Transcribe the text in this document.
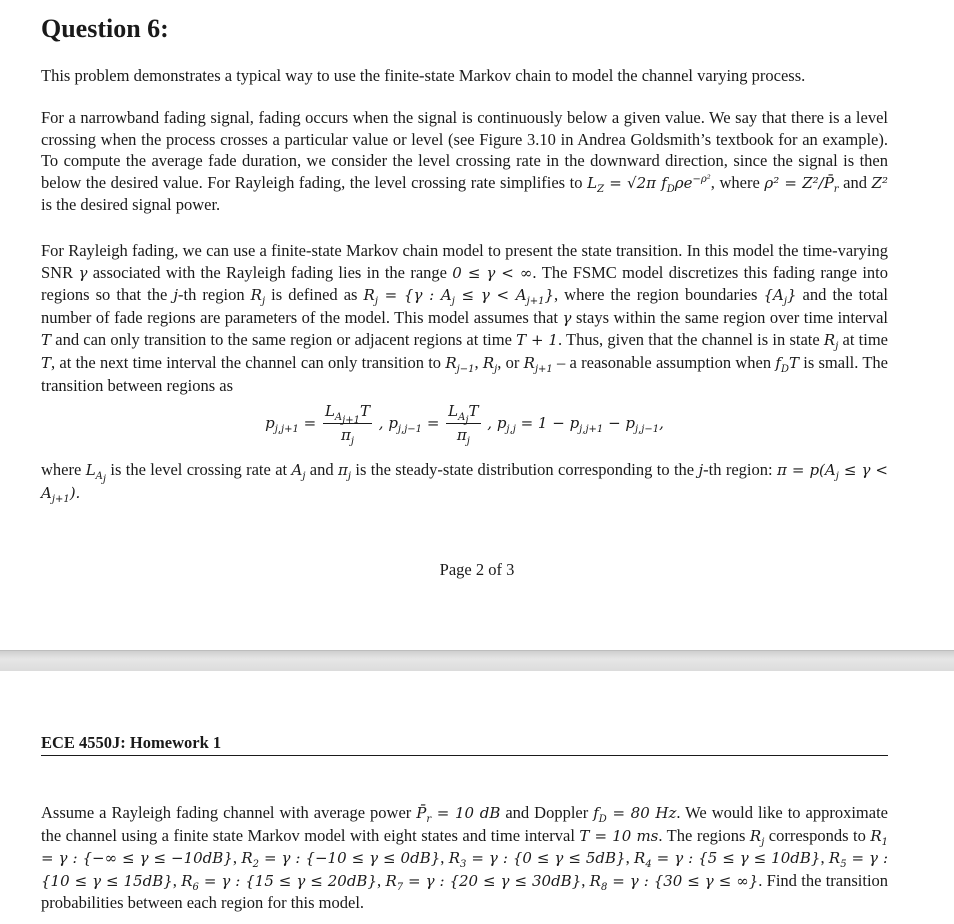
Question 6:

This problem demonstrates a typical way to use the finite-state Markov chain to model the channel varying process.

For a narrowband fading signal, fading occurs when the signal is continuously below a given value. We say that there is a level crossing when the process crosses a particular value or level (see Figure 3.10 in Andrea Goldsmith’s textbook for an example). To compute the average fade duration, we consider the level crossing rate in the downward direction, since the signal is then below the desired value. For Rayleigh fading, the level crossing rate simplifies to $L_Z = √2\pi$ $f_D\rho e^{-\rho^2}$, where $\rho^2 = Z^2/P̄_r$ and Z² is the desired signal power.

For Rayleigh fading, we can use a finite-state Markov chain model to present the state transition. In this model the time-varying SNR γ associated with the Rayleigh fading lies in the range 0 ≤ γ < ∞. The FSMC model discretizes this fading range into regions so that the j-th region $R_j$ is defined as $R_j = \{\gamma$ : $A_j \le \gamma < A_{j+1}$}, where the region boundaries $\{A_j\}$ and the total number of fade regions are parameters of the model. This model assumes that γ stays within the same region over time interval T and can only transition to the same region or adjacent regions at time T + 1. Thus, given that the channel is in state $R_j$ at time T, at the next time interval the channel can only transition to $R_{j-1}$, $R_j$, or $R_{j+1}$ – a reasonable assumption when $f_DT$ is small. The transition between regions as

$p_{j,j+1} = \frac{L_{A_{j+1}}T}{\pi_j}$ , $p_{j,j-1} = \frac{L_{A_j}T}{\pi_j}$ , $p_{j,j} = 1 - p_{j,j+1} - p_{j,j-1}$,

where $L_{A_j}$ is the level crossing rate at $A_j$ and $\pi_j$ is the steady-state distribution corresponding to the j-th region: $\pi = p(A_j \le \gamma < A_{j+1})$.

Page 2 of 3

ECE 4550J: Homework 1

Assume a Rayleigh fading channel with average power $P̄_r = 10$ dB and Doppler $f_D = 80$ Hz. We would like to approximate the channel using a finite state Markov model with eight states and time interval T = 10 ms. The regions $R_j$ corresponds to $R_1 = \gamma$ : {−∞ ≤ γ ≤ −10dB}, $R_2 = \gamma$ : {−10 ≤ γ ≤ 0dB}, $R_3 = \gamma$ : {0 ≤ γ ≤ 5dB}, $R_4 = \gamma$ : {5 ≤ γ ≤ 10dB}, $R_5 = \gamma$ : {10 ≤ γ ≤ 15dB}, $R_6 = \gamma$ : {15 ≤ γ ≤ 20dB}, $R_7 = \gamma$ : {20 ≤ γ ≤ 30dB}, $R_8 = \gamma$ : {30 ≤ γ ≤ ∞}. Find the transition probabilities between each region for this model.
